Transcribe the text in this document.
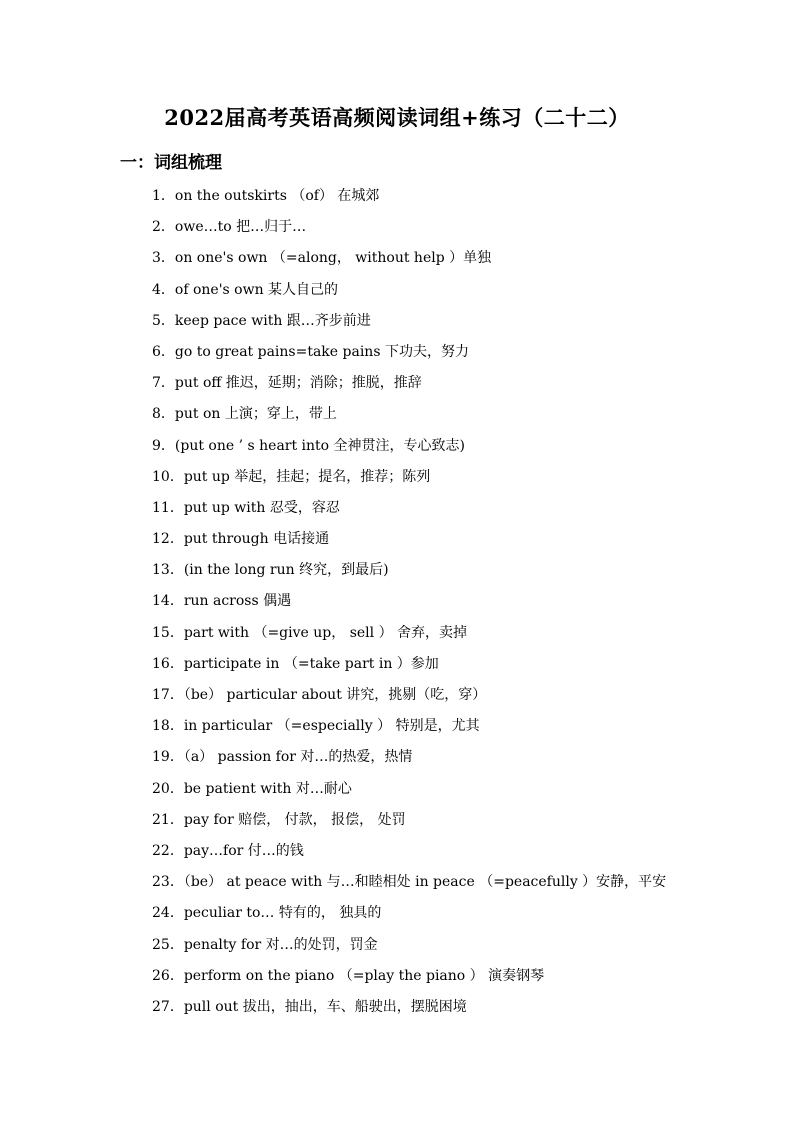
2022届高考英语高频阅读词组+练习（二十二）
一：词组梳理
1．on the outskirts （of） 在城郊
2．owe…to 把…归于…
3．on one's own （=along， without help ）单独
4．of one's own 某人自己的
5．keep pace with 跟…齐步前进
6．go to great pains=take pains 下功夫，努力
7．put off 推迟，延期；消除；推脱，推辞
8．put on 上演；穿上，带上
9．(put one ’ s heart into 全神贯注，专心致志)
10．put up 举起，挂起；提名，推荐；陈列
11．put up with 忍受，容忍
12．put through 电话接通
13．(in the long run 终究，到最后)
14．run across 偶遇
15．part with （=give up， sell ） 舍弃，卖掉
16．participate in （=take part in ）参加
17．（be） particular about 讲究，挑剔（吃，穿）
18．in particular （=especially ） 特别是，尤其
19．（a） passion for 对…的热爱，热情
20．be patient with 对…耐心
21．pay for 赔偿， 付款， 报偿， 处罚
22．pay…for 付…的钱
23．（be） at peace with 与…和睦相处 in peace （=peacefully ）安静，平安
24．peculiar to… 特有的， 独具的
25．penalty for 对…的处罚，罚金
26．perform on the piano （=play the piano ） 演奏钢琴
27．pull out 拔出，抽出，车、船驶出，摆脱困境
